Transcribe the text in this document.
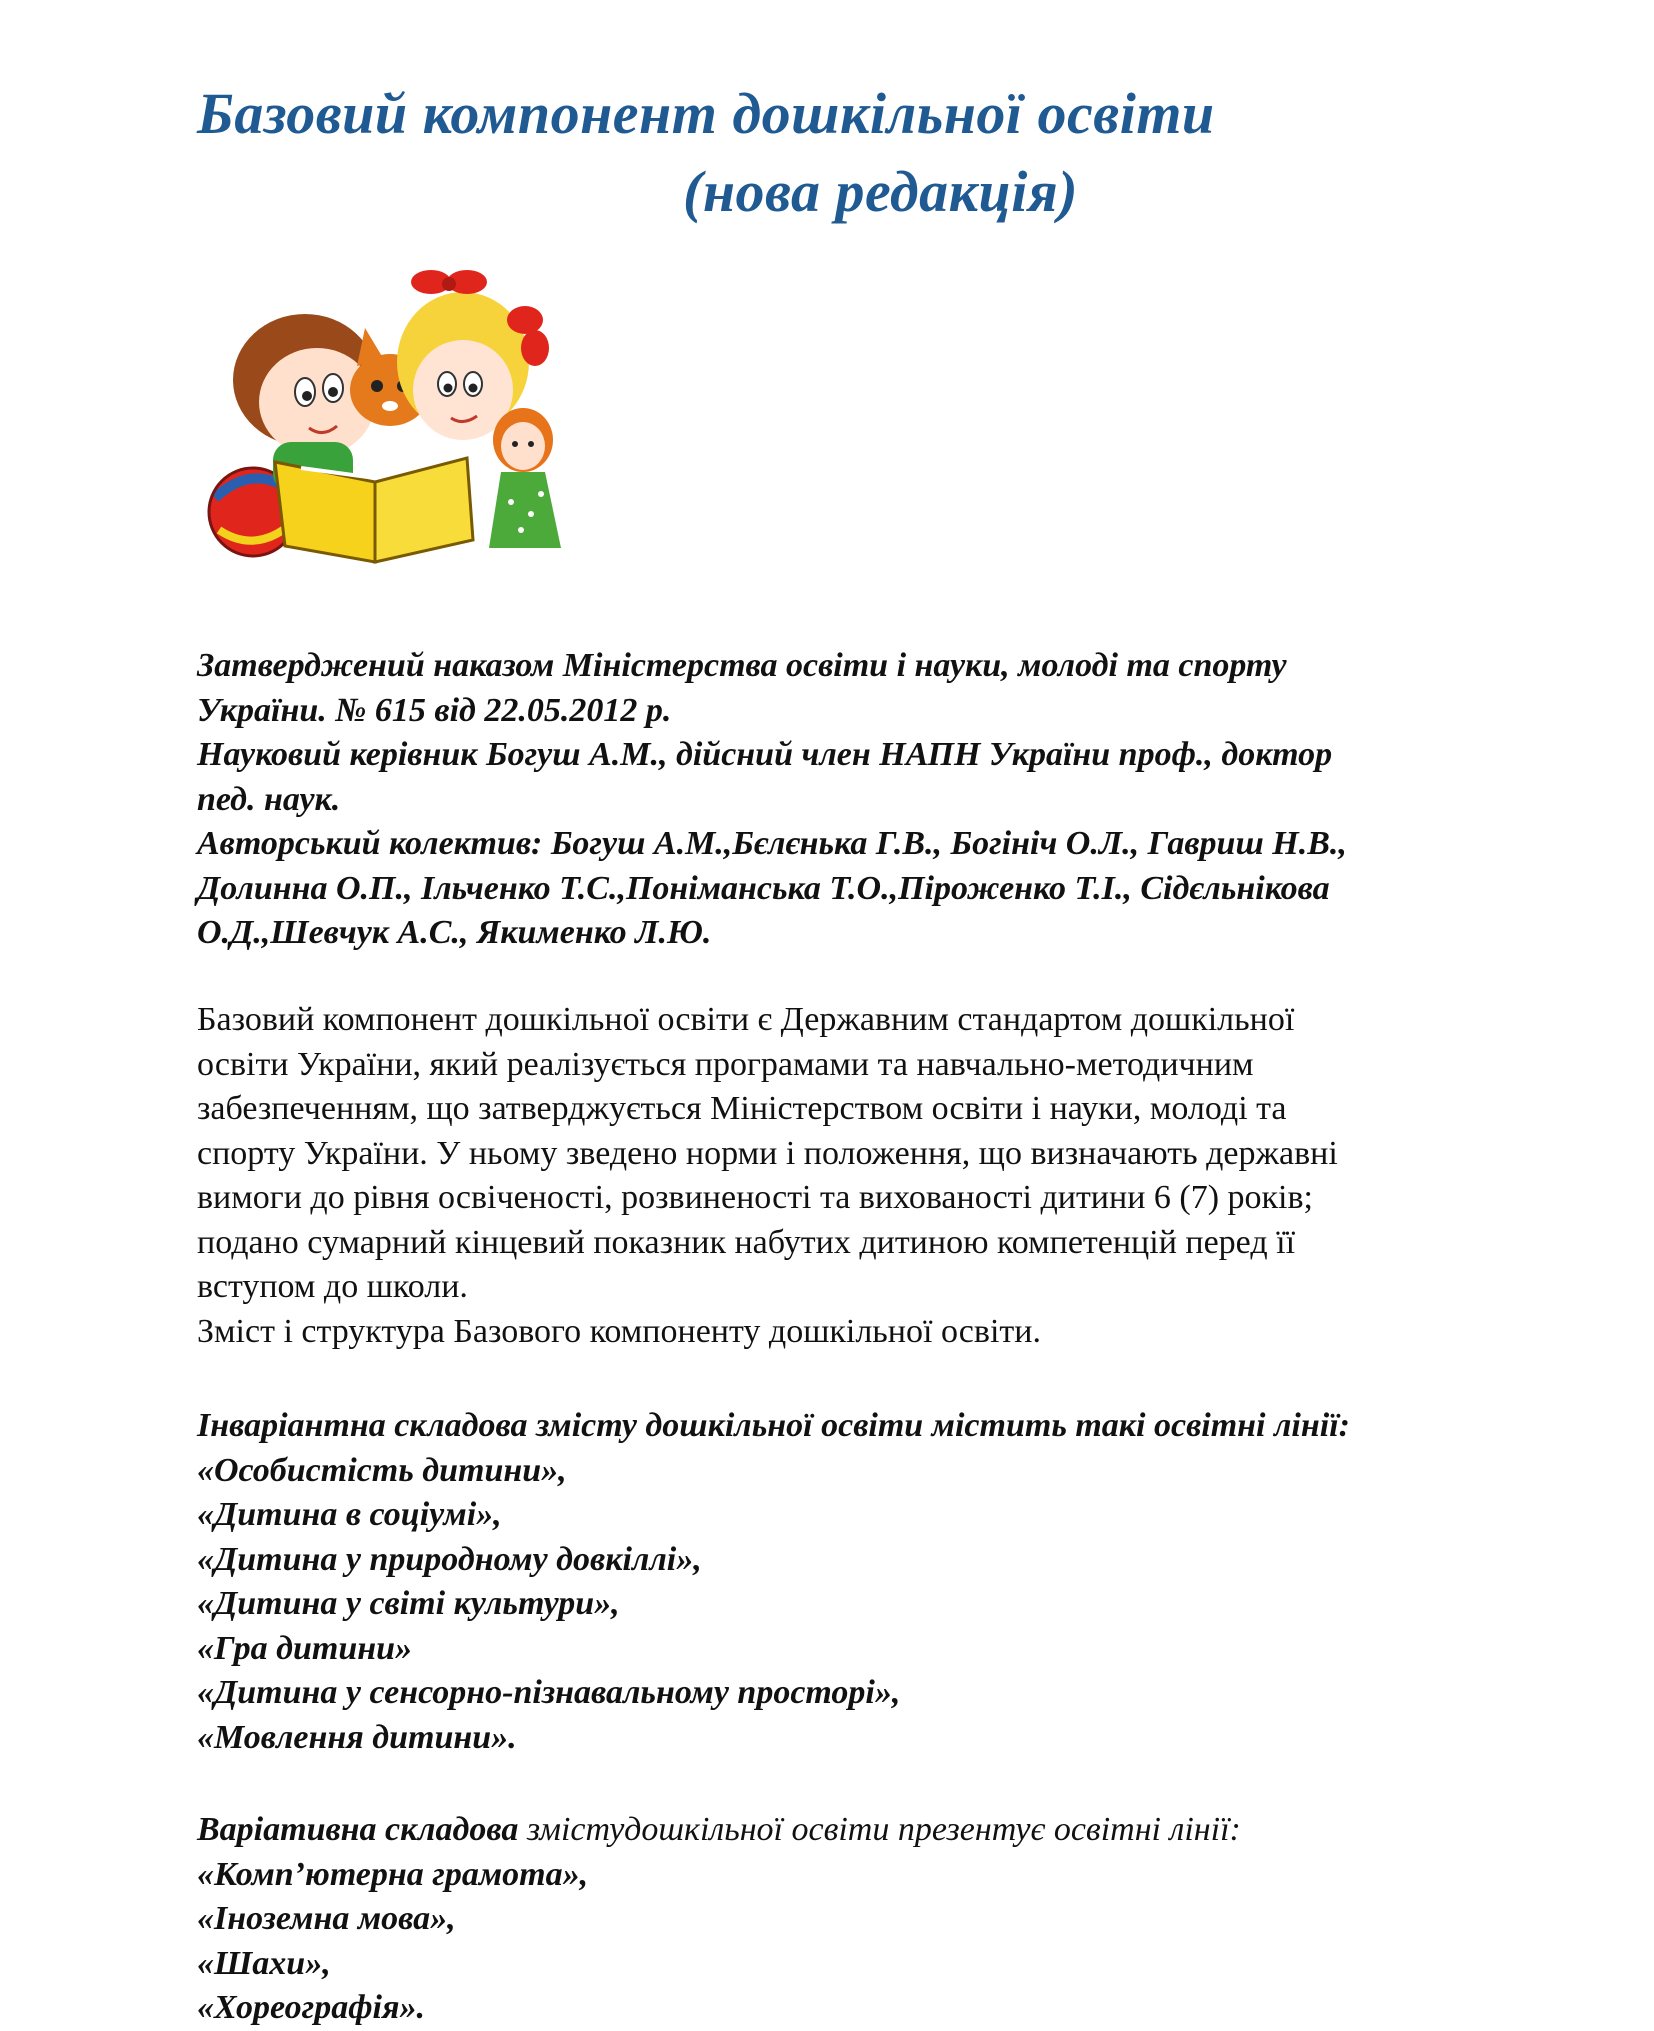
Базовий компонент дошкільної освіти
(нова редакція)
Затверджений наказом Міністерства освіти і науки, молоді та спорту
України. № 615 від 22.05.2012 р.
Науковий керівник Богуш А.М., дійсний член НАПН України проф., доктор
пед. наук.
Авторський колектив: Богуш А.М.,Бєлєнька Г.В., Богініч О.Л., Гавриш Н.В.,
Долинна О.П., Ільченко Т.С.,Поніманська Т.О.,Піроженко Т.І., Сідєльнікова
О.Д.,Шевчук А.С., Якименко Л.Ю.
Базовий компонент дошкільної освіти є Державним стандартом дошкільної
освіти України, який реалізується програмами та навчально-методичним
забезпеченням, що затверджується Міністерством освіти і науки, молоді та
спорту України. У ньому зведено норми і положення, що визначають державні
вимоги до рівня освіченості, розвиненості та вихованості дитини 6 (7) років;
подано сумарний кінцевий показник набутих дитиною компетенцій перед її
вступом до школи.
Зміст і структура Базового компоненту дошкільної освіти.
Інваріантна складова змісту дошкільної освіти містить такі освітні лінії:
«Особистість дитини»,
«Дитина в соціумі»,
«Дитина у природному довкіллі»,
«Дитина у світі культури»,
«Гра дитини»
«Дитина у сенсорно-пізнавальному просторі»,
«Мовлення дитини».
Варіативна складова змістудошкільної освіти презентує освітні лінії:
«Комп’ютерна грамота»,
«Іноземна мова»,
«Шахи»,
«Хореографія».
